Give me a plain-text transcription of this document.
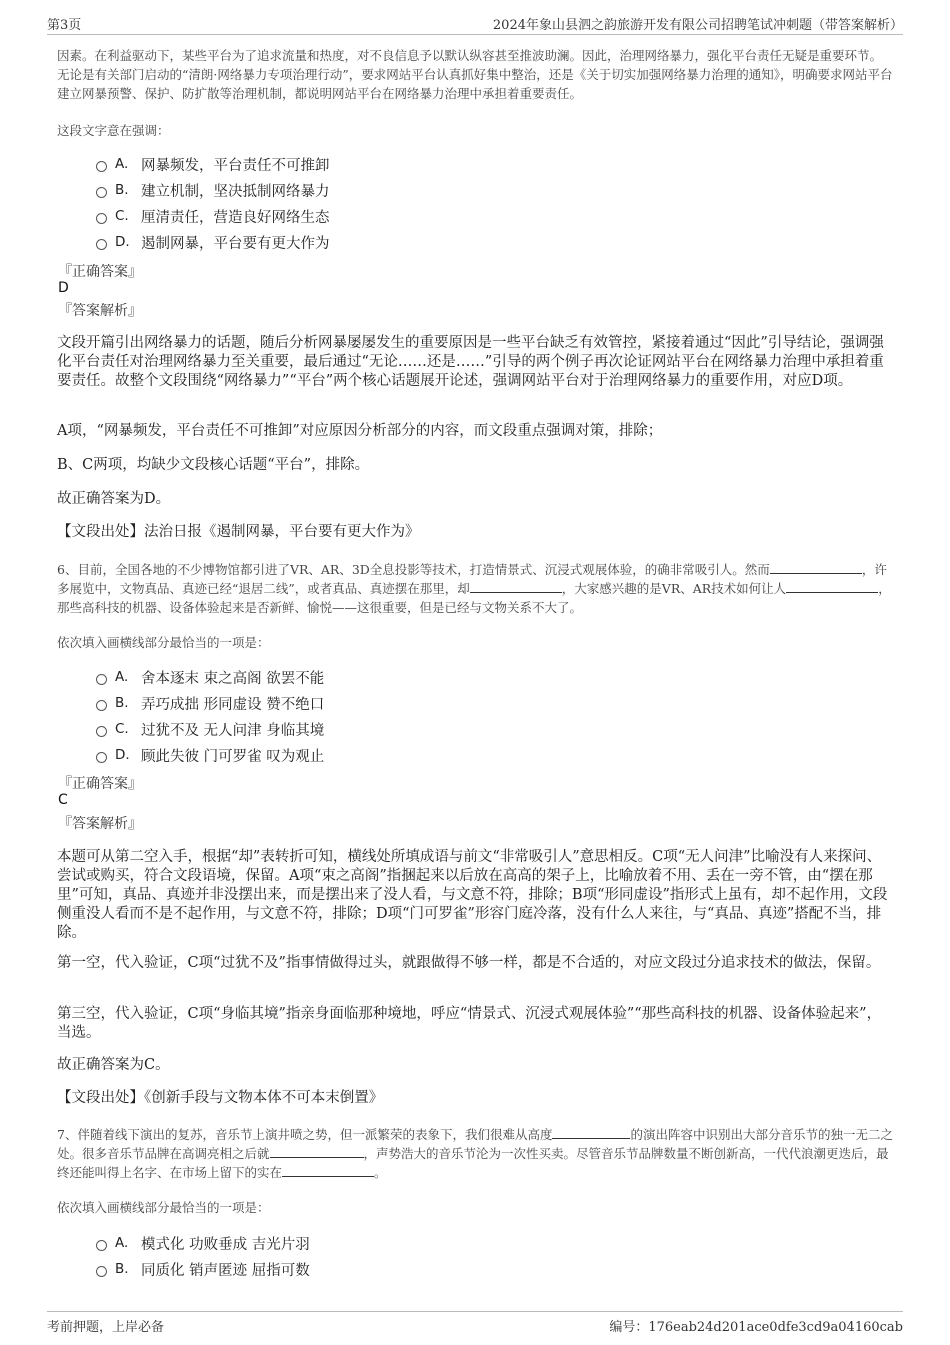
第3页	2024年象山县泗之韵旅游开发有限公司招聘笔试冲刺题（带答案解析）
因素。在利益驱动下，某些平台为了追求流量和热度，对不良信息予以默认纵容甚至推波助澜。因此，治理网络暴力，强化平台责任无疑是重要环节。无论是有关部门启动的“清朗·网络暴力专项治理行动”，要求网站平台认真抓好集中整治，还是《关于切实加强网络暴力治理的通知》，明确要求网站平台建立网暴预警、保护、防扩散等治理机制，都说明网站平台在网络暴力治理中承担着重要责任。
这段文字意在强调：
A. 网暴频发，平台责任不可推卸
B. 建立机制，坚决抵制网络暴力
C. 厘清责任，营造良好网络生态
D. 遏制网暴，平台要有更大作为
『正确答案』
D
『答案解析』
文段开篇引出网络暴力的话题，随后分析网暴屡屡发生的重要原因是一些平台缺乏有效管控，紧接着通过“因此”引导结论，强调强化平台责任对治理网络暴力至关重要，最后通过“无论……还是……”引导的两个例子再次论证网站平台在网络暴力治理中承担着重要责任。故整个文段围绕“网络暴力”“平台”两个核心话题展开论述，强调网站平台对于治理网络暴力的重要作用，对应D项。
A项，“网暴频发，平台责任不可推卸”对应原因分析部分的内容，而文段重点强调对策，排除；
B、C两项，均缺少文段核心话题“平台”，排除。
故正确答案为D。
【文段出处】法治日报《遏制网暴，平台要有更大作为》
6、目前，全国各地的不少博物馆都引进了VR、AR、3D全息投影等技术，打造情景式、沉浸式观展体验，的确非常吸引人。然而	，许多展览中，文物真品、真迹已经“退居二线”，或者真品、真迹摆在那里，却	，大家感兴趣的是VR、AR技术如何让人	，那些高科技的机器、设备体验起来是否新鲜、愉悦——这很重要，但是已经与文物关系不大了。
依次填入画横线部分最恰当的一项是：
A. 舍本逐末 束之高阁 欲罢不能
B. 弄巧成拙 形同虚设 赞不绝口
C. 过犹不及 无人问津 身临其境
D. 顾此失彼 门可罗雀 叹为观止
『正确答案』
C
『答案解析』
本题可从第二空入手，根据“却”表转折可知，横线处所填成语与前文“非常吸引人”意思相反。C项“无人问津”比喻没有人来探问、尝试或购买，符合文段语境，保留。A项“束之高阁”指捆起来以后放在高高的架子上，比喻放着不用、丢在一旁不管，由“摆在那里”可知，真品、真迹并非没摆出来，而是摆出来了没人看，与文意不符，排除；B项“形同虚设”指形式上虽有，却不起作用，文段侧重没人看而不是不起作用，与文意不符，排除；D项“门可罗雀”形容门庭冷落，没有什么人来往，与“真品、真迹”搭配不当，排除。
第一空，代入验证，C项“过犹不及”指事情做得过头，就跟做得不够一样，都是不合适的，对应文段过分追求技术的做法，保留。
第三空，代入验证，C项“身临其境”指亲身面临那种境地，呼应“情景式、沉浸式观展体验”“那些高科技的机器、设备体验起来”，当选。
故正确答案为C。
【文段出处】《创新手段与文物本体不可本末倒置》
7、伴随着线下演出的复苏，音乐节上演井喷之势，但一派繁荣的表象下，我们很难从高度	的演出阵容中识别出大部分音乐节的独一无二之处。很多音乐节品牌在高调亮相之后就	，声势浩大的音乐节沦为一次性买卖。尽管音乐节品牌数量不断创新高，一代代浪潮更迭后，最终还能叫得上名字、在市场上留下的实在	。
依次填入画横线部分最恰当的一项是：
A. 模式化 功败垂成 吉光片羽
B. 同质化 销声匿迹 屈指可数
考前押题，上岸必备	编号：176eab24d201ace0dfe3cd9a04160cab
